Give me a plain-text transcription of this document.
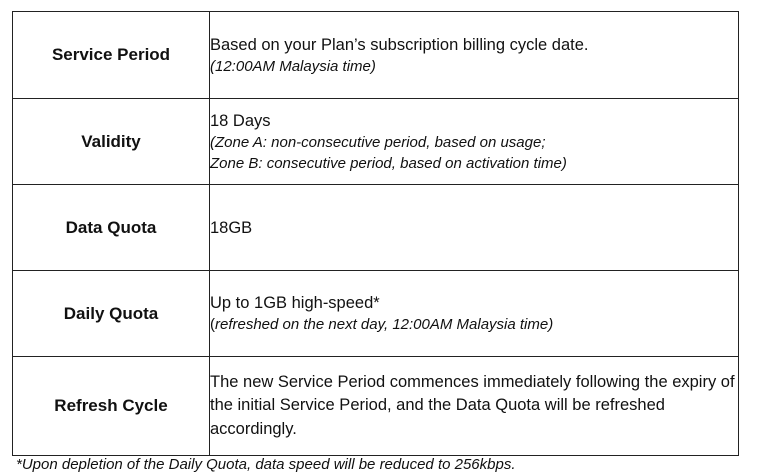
Service Period	Based on your Plan’s subscription billing cycle date.
(12:00AM Malaysia time)

Validity	18 Days
(Zone A: non-consecutive period, based on usage;
Zone B: consecutive period, based on activation time)

Data Quota	18GB
Daily Quota	Up to 1GB high-speed*
(refreshed on the next day, 12:00AM Malaysia time)

Refresh Cycle	The new Service Period commences immediately following the expiry of the initial Service Period, and the Data Quota will be refreshed accordingly.
*Upon depletion of the Daily Quota, data speed will be reduced to 256kbps.
